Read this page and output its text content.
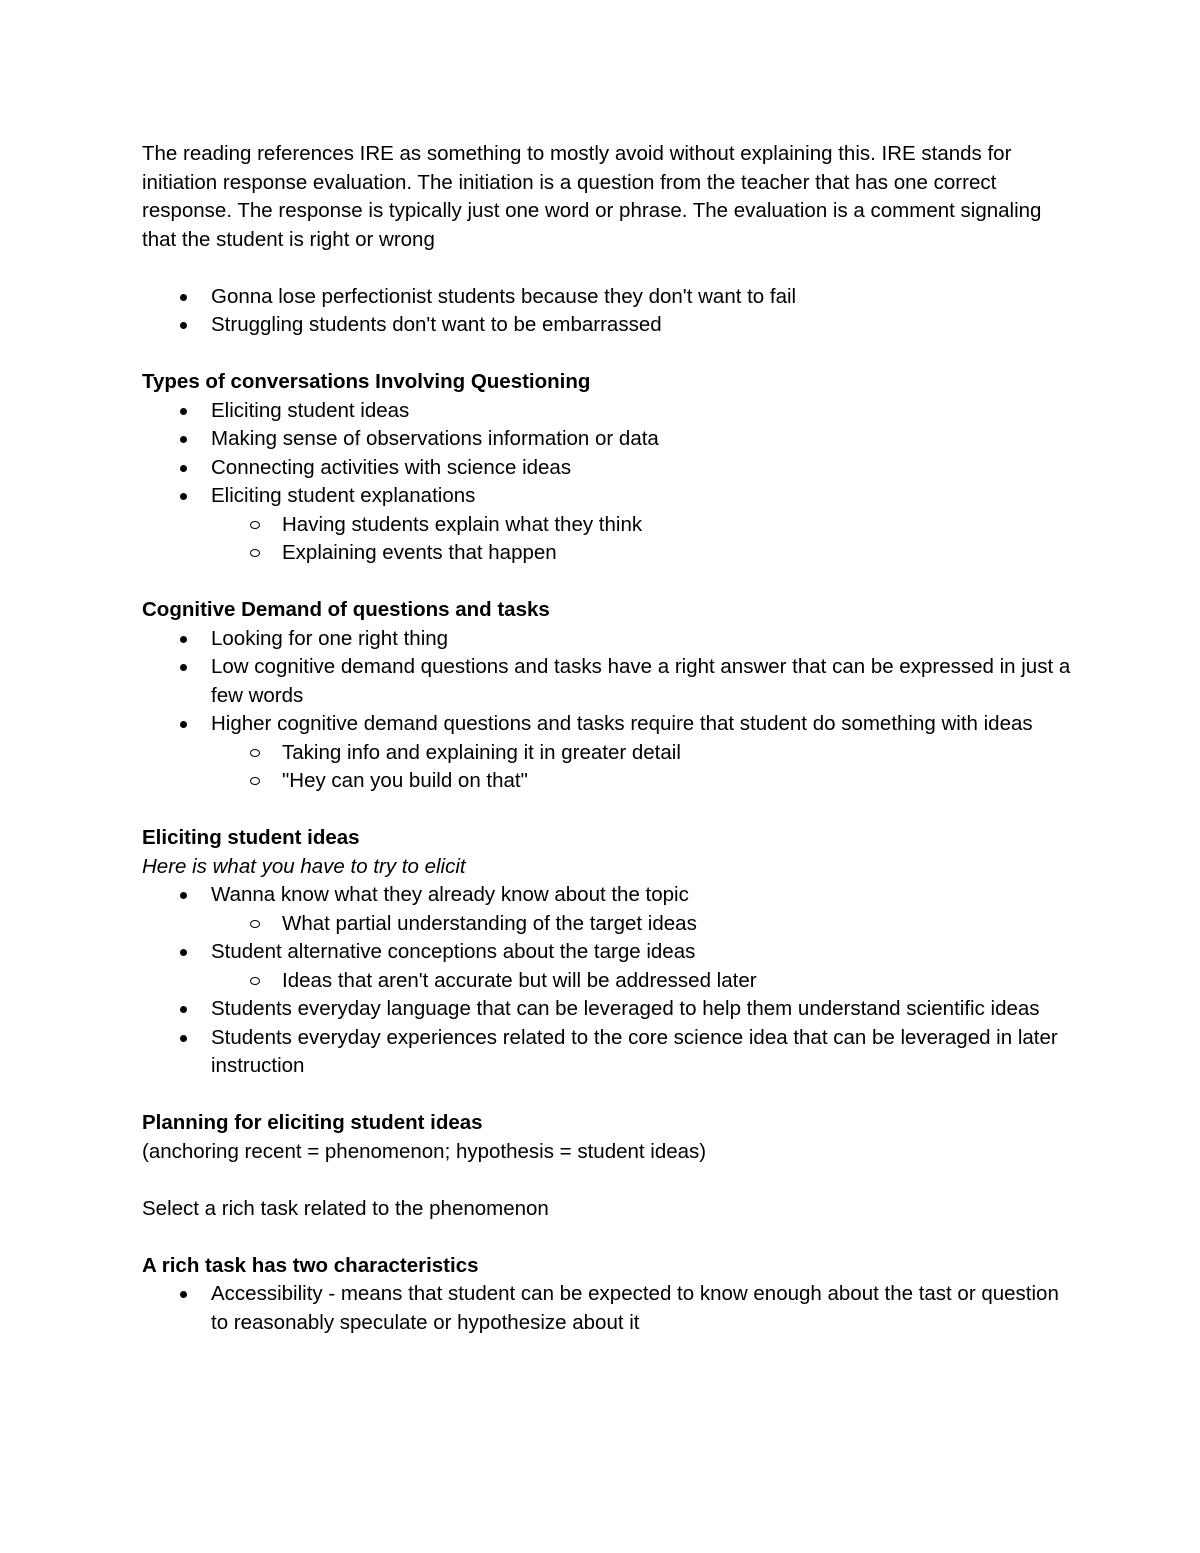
The reading references IRE as something to mostly avoid without explaining this. IRE stands for initiation response evaluation. The initiation is a question from the teacher that has one correct response. The response is typically just one word or phrase. The evaluation is a comment signaling that the student is right or wrong

Gonna lose perfectionist students because they don't want to fail
Struggling students don't want to be embarrassed

Types of conversations Involving Questioning

Eliciting student ideas
Making sense of observations information or data
Connecting activities with science ideas
Eliciting student explanations
Having students explain what they think
Explaining events that happen

Cognitive Demand of questions and tasks

Looking for one right thing
Low cognitive demand questions and tasks have a right answer that can be expressed in just a few words
Higher cognitive demand questions and tasks require that student do something with ideas
Taking info and explaining it in greater detail
"Hey can you build on that"

Eliciting student ideas

Here is what you have to try to elicit

Wanna know what they already know about the topic
What partial understanding of the target ideas
Student alternative conceptions about the targe ideas
Ideas that aren't accurate but will be addressed later
Students everyday language that can be leveraged to help them understand scientific ideas
Students everyday experiences related to the core science idea that can be leveraged in later instruction

Planning for eliciting student ideas

(anchoring recent = phenomenon; hypothesis = student ideas)

Select a rich task related to the phenomenon

A rich task has two characteristics

Accessibility - means that student can be expected to know enough about the tast or question to reasonably speculate or hypothesize about it
